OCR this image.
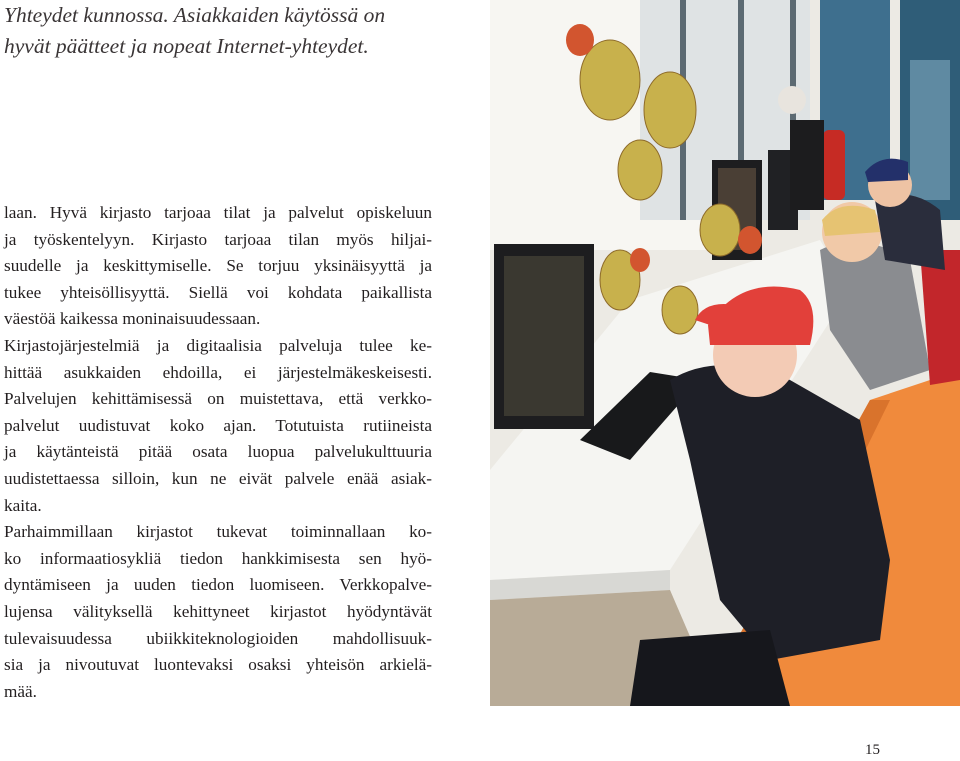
Yhteydet kunnossa. Asiakkaiden käytössä on
hyvät päätteet ja nopeat Internet-yhteydet.
laan. Hyvä kirjasto tarjoaa tilat ja palvelut opiskeluun
ja työskentelyyn. Kirjasto tarjoaa tilan myös hiljai-
suudelle ja keskittymiselle. Se torjuu yksinäisyyttä ja
tukee yhteisöllisyyttä. Siellä voi kohdata paikallista
väestöä kaikessa moninaisuudessaan.
Kirjastojärjestelmiä ja digitaalisia palveluja tulee ke-
hittää asukkaiden ehdoilla, ei järjestelmäkeskeisesti.
Palvelujen kehittämisessä on muistettava, että verkko-
palvelut uudistuvat koko ajan. Totutuista rutiineista
ja käytänteistä pitää osata luopua palvelukulttuuria
uudistettaessa silloin, kun ne eivät palvele enää asiak-
kaita.
Parhaimmillaan kirjastot tukevat toiminnallaan ko-
ko informaatiosykliä tiedon hankkimisesta sen hyö-
dyntämiseen ja uuden tiedon luomiseen. Verkkopalve-
lujensa välityksellä kehittyneet kirjastot hyödyntävät
tulevaisuudessa ubiikkiteknologioiden mahdollisuuk-
sia ja nivoutuvat luontevaksi osaksi yhteisön arkielä-
mää.
15
